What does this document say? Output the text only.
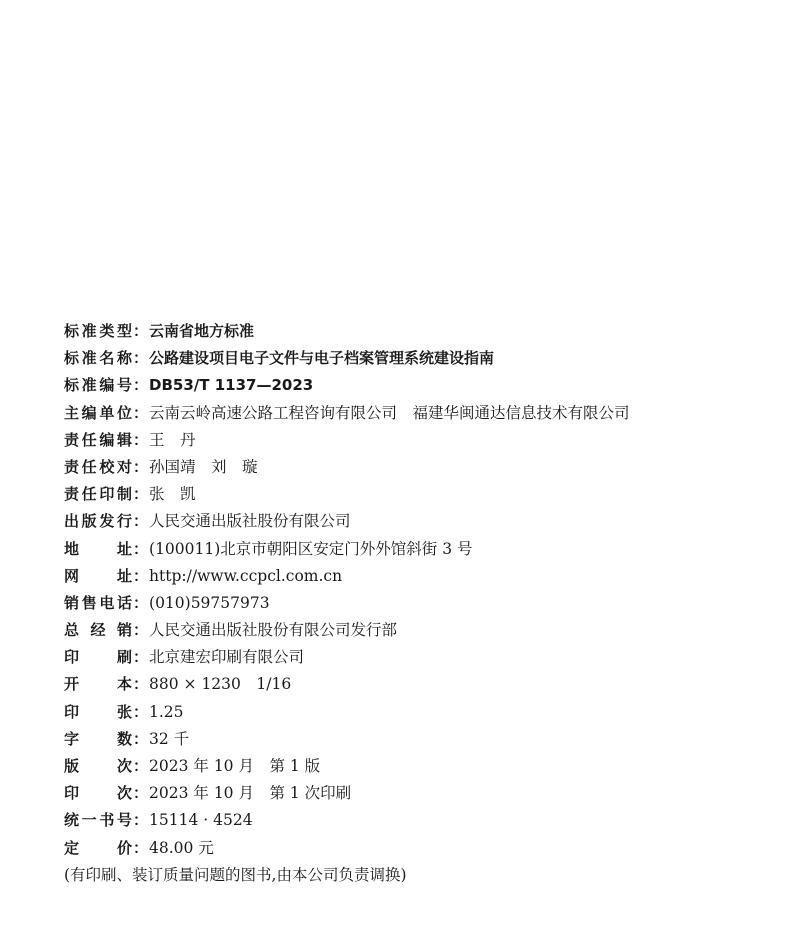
标准类型 ： 云南省地方标准
标准名称 ： 公路建设项目电子文件与电子档案管理系统建设指南
标准编号 ： DB53/T 1137—2023
主编单位 ： 云南云岭高速公路工程咨询有限公司　福建华闽通达信息技术有限公司
责任编辑 ： 王　丹
责任校对 ： 孙国靖　刘　璇
责任印制 ： 张　凯
出版发行 ： 人民交通出版社股份有限公司
地址 ： (100011)北京市朝阳区安定门外外馆斜街 3 号
网址 ： http://www.ccpcl.com.cn
销售电话 ： (010)59757973
总经销 ： 人民交通出版社股份有限公司发行部
印刷 ： 北京建宏印刷有限公司
开本 ： 880 × 1230　1/16
印张 ： 1.25
字数 ： 32 千
版次 ： 2023 年 10 月　第 1 版
印次 ： 2023 年 10 月　第 1 次印刷
统一书号 ： 15114 · 4524
定价 ： 48.00 元
(有印刷、装订质量问题的图书,由本公司负责调换)
